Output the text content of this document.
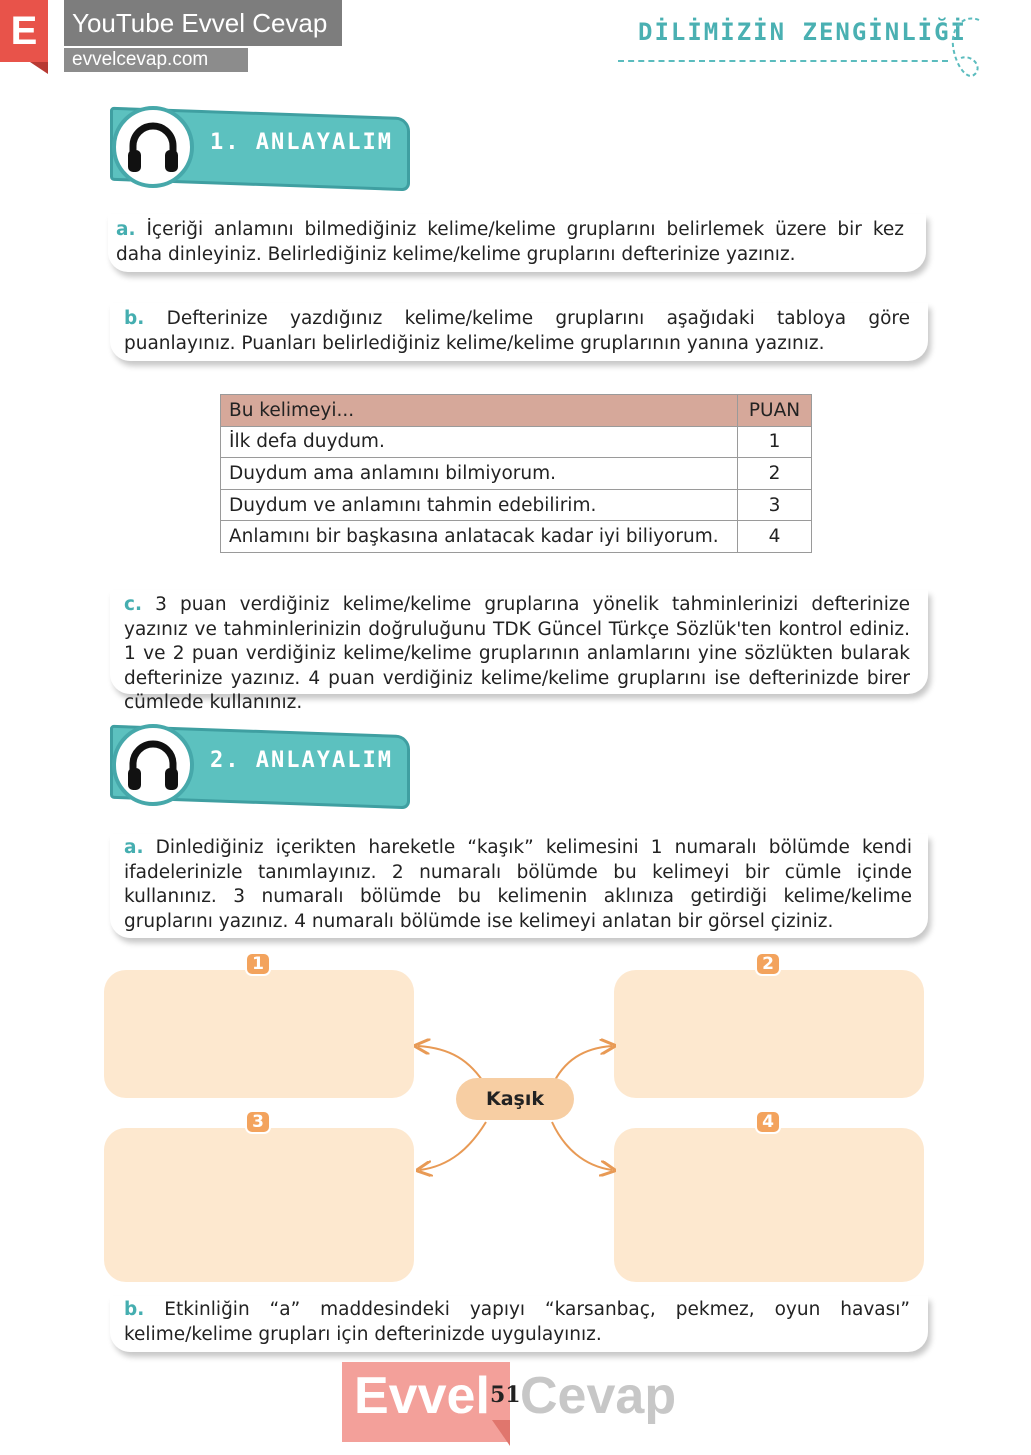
E	YouTube Evvel Cevap
evvelcevap.com
DİLİMİZİN ZENGİNLİĞİ
1. ANLAYALIM
a. İçeriği anlamını bilmediğiniz kelime/kelime gruplarını belirlemek üzere bir kez daha dinleyiniz. Belirlediğiniz kelime/kelime gruplarını defterinize yazınız.
b. Defterinize yazdığınız kelime/kelime gruplarını aşağıdaki tabloya göre puanlayınız. Puanları belirlediğiniz kelime/kelime gruplarının yanına yazınız.
Bu kelimeyi...	PUAN
İlk defa duydum.	1
Duydum ama anlamını bilmiyorum.	2
Duydum ve anlamını tahmin edebilirim.	3
Anlamını bir başkasına anlatacak kadar iyi biliyorum.	4
c. 3 puan verdiğiniz kelime/kelime gruplarına yönelik tahminlerinizi defterinize yazınız ve tahminlerinizin doğruluğunu TDK Güncel Türkçe Sözlük'ten kontrol ediniz. 1 ve 2 puan verdiğiniz kelime/kelime gruplarının anlamlarını yine sözlükten bularak defterinize yazınız. 4 puan verdiğiniz kelime/kelime gruplarını ise defterinizde birer cümlede kullanınız.
2. ANLAYALIM
a. Dinlediğiniz içerikten hareketle “kaşık” kelimesini 1 numaralı bölümde kendi ifadelerinizle tanımlayınız. 2 numaralı bölümde bu kelimeyi bir cümle içinde kullanınız. 3 numaralı bölümde bu kelimenin aklınıza getirdiği kelime/kelime gruplarını yazınız. 4 numaralı bölümde ise kelimeyi anlatan bir görsel çiziniz.
1	2
3	4
Kaşık
b. Etkinliğin “a” maddesindeki yapıyı “karsanbaç, pekmez, oyun havası” kelime/kelime grupları için defterinizde uygulayınız.
Evvel Cevap
51
